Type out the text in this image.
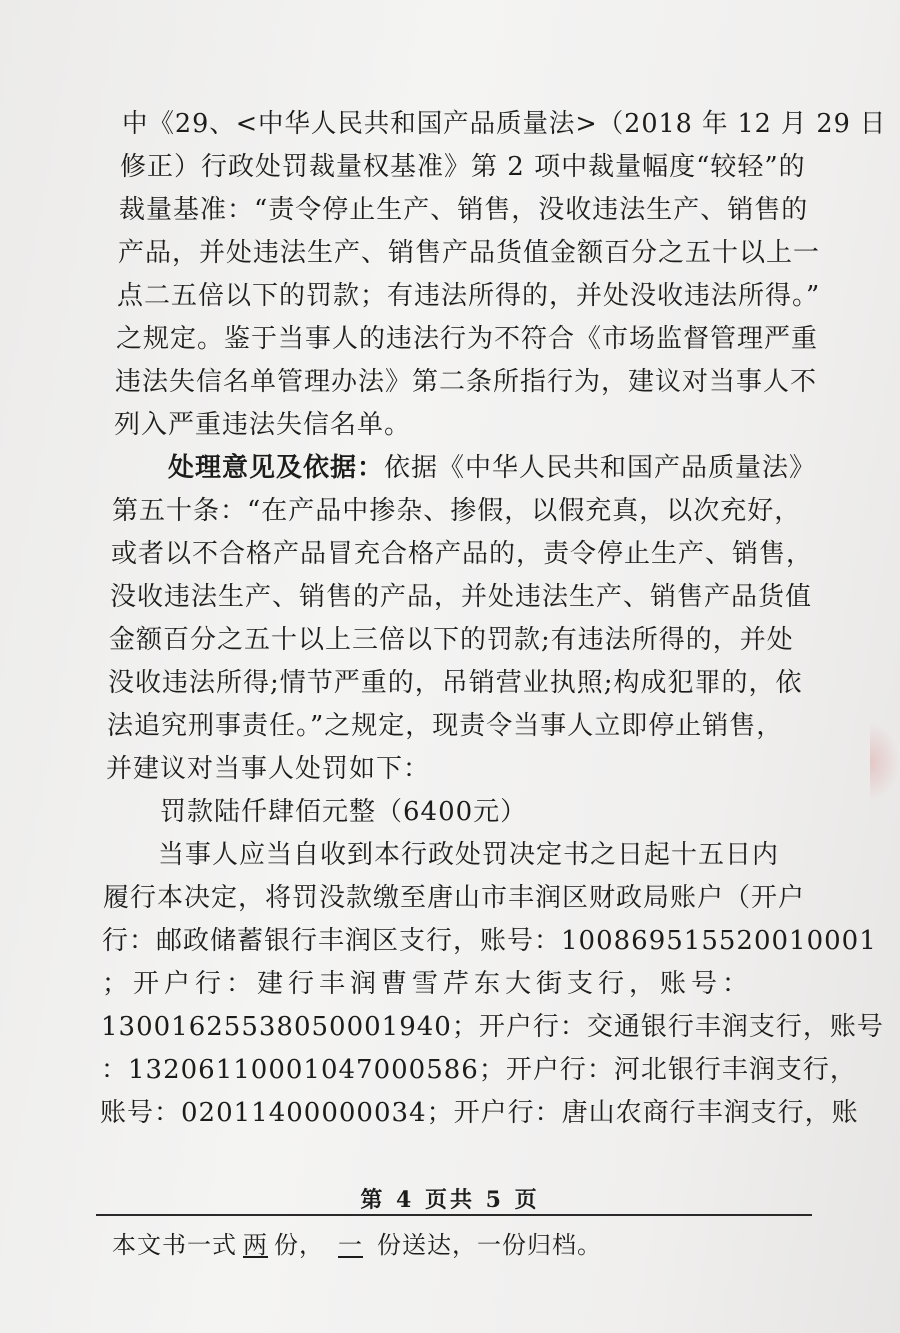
中《29、<中华人民共和国产品质量法>（2018 年 12 月 29 日
修正）行政处罚裁量权基准》第 2 项中裁量幅度“较轻”的
裁量基准：“责令停止生产、销售，没收违法生产、销售的
产品，并处违法生产、销售产品货值金额百分之五十以上一
点二五倍以下的罚款；有违法所得的，并处没收违法所得。”
之规定。鉴于当事人的违法行为不符合《市场监督管理严重
违法失信名单管理办法》第二条所指行为，建议对当事人不
列入严重违法失信名单。
处理意见及依据：依据《中华人民共和国产品质量法》
第五十条：“在产品中掺杂、掺假，以假充真，以次充好，
或者以不合格产品冒充合格产品的，责令停止生产、销售，
没收违法生产、销售的产品，并处违法生产、销售产品货值
金额百分之五十以上三倍以下的罚款;有违法所得的，并处
没收违法所得;情节严重的，吊销营业执照;构成犯罪的，依
法追究刑事责任。”之规定，现责令当事人立即停止销售，
并建议对当事人处罚如下：
罚款陆仟肆佰元整（6400元）
当事人应当自收到本行政处罚决定书之日起十五日内
履行本决定，将罚没款缴至唐山市丰润区财政局账户（开户
行：邮政储蓄银行丰润区支行，账号：100869515520010001
；开户行：建行丰润曹雪芹东大街支行，账号：
13001625538050001940；开户行：交通银行丰润支行，账号
：13206110001047000586；开户行：河北银行丰润支行，
账号：02011400000034；开户行：唐山农商行丰润支行，账
第 4 页共 5 页
本文书一式 两 份， 一 份送达，一份归档。
